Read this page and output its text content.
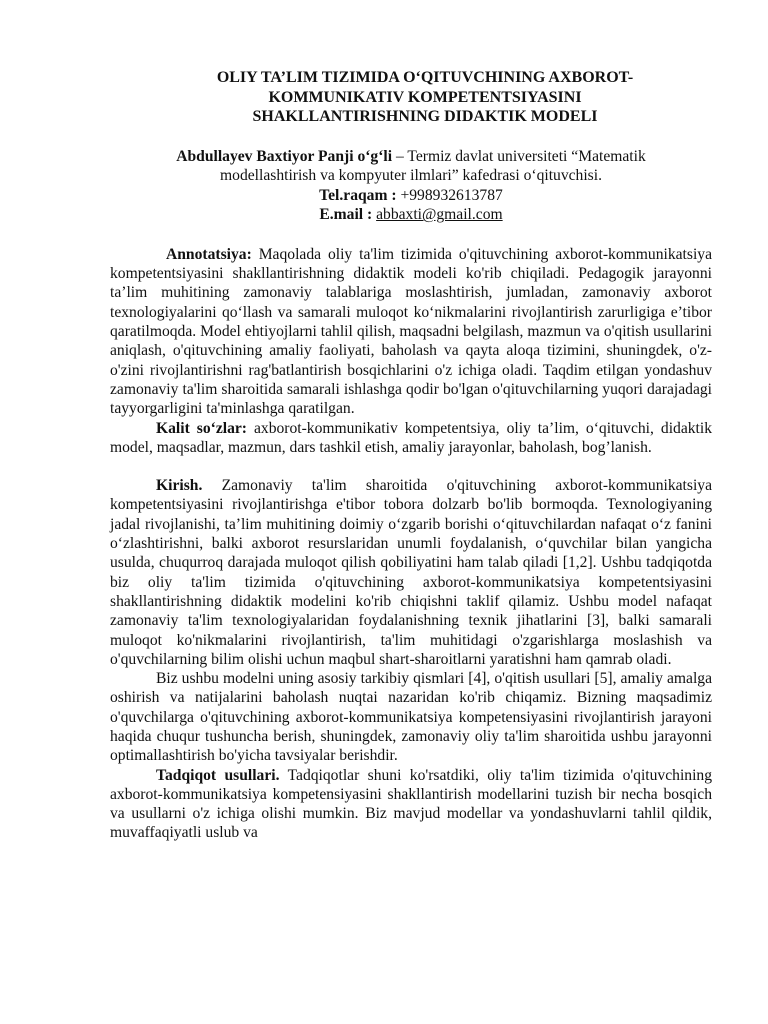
OLIY TA’LIM TIZIMIDA O‘QITUVCHINING AXBOROT-
KOMMUNIKATIV KOMPETENTSIYASINI
SHAKLLANTIRISHNING DIDAKTIK MODELI
Abdullayev Baxtiyor Panji o‘g‘li – Termiz davlat universiteti “Matematik
modellashtirish va kompyuter ilmlari” kafedrasi o‘qituvchisi.
Tel.raqam : +998932613787
E.mail : abbaxti@gmail.com

Annotatsiya: Maqolada oliy ta'lim tizimida o'qituvchining axborot-kommunikatsiya kompetentsiyasini shakllantirishning didaktik modeli ko'rib chiqiladi. Pedagogik jarayonni ta’lim muhitining zamonaviy talablariga moslashtirish, jumladan, zamonaviy axborot texnologiyalarini qo‘llash va samarali muloqot ko‘nikmalarini rivojlantirish zarurligiga e’tibor qaratilmoqda. Model ehtiyojlarni tahlil qilish, maqsadni belgilash, mazmun va o'qitish usullarini aniqlash, o'qituvchining amaliy faoliyati, baholash va qayta aloqa tizimini, shuningdek, o'z-o'zini rivojlantirishni rag'batlantirish bosqichlarini o'z ichiga oladi. Taqdim etilgan yondashuv zamonaviy ta'lim sharoitida samarali ishlashga qodir bo'lgan o'qituvchilarning yuqori darajadagi tayyorgarligini ta'minlashga qaratilgan.

Kalit so‘zlar: axborot-kommunikativ kompetentsiya, oliy ta’lim, o‘qituvchi, didaktik model, maqsadlar, mazmun, dars tashkil etish, amaliy jarayonlar, baholash, bog’lanish.

Kirish. Zamonaviy ta'lim sharoitida o'qituvchining axborot-kommunikatsiya kompetentsiyasini rivojlantirishga e'tibor tobora dolzarb bo'lib bormoqda. Texnologiyaning jadal rivojlanishi, ta’lim muhitining doimiy o‘zgarib borishi o‘qituvchilardan nafaqat o‘z fanini o‘zlashtirishni, balki axborot resurslaridan unumli foydalanish, o‘quvchilar bilan yangicha usulda, chuqurroq darajada muloqot qilish qobiliyatini ham talab qiladi [1,2]. Ushbu tadqiqotda biz oliy ta'lim tizimida o'qituvchining axborot-kommunikatsiya kompetentsiyasini shakllantirishning didaktik modelini ko'rib chiqishni taklif qilamiz. Ushbu model nafaqat zamonaviy ta'lim texnologiyalaridan foydalanishning texnik jihatlarini [3], balki samarali muloqot ko'nikmalarini rivojlantirish, ta'lim muhitidagi o'zgarishlarga moslashish va o'quvchilarning bilim olishi uchun maqbul shart-sharoitlarni yaratishni ham qamrab oladi.

Biz ushbu modelni uning asosiy tarkibiy qismlari [4], o'qitish usullari [5], amaliy amalga oshirish va natijalarini baholash nuqtai nazaridan ko'rib chiqamiz. Bizning maqsadimiz o'quvchilarga o'qituvchining axborot-kommunikatsiya kompetensiyasini rivojlantirish jarayoni haqida chuqur tushuncha berish, shuningdek, zamonaviy oliy ta'lim sharoitida ushbu jarayonni optimallashtirish bo'yicha tavsiyalar berishdir.

Tadqiqot usullari. Tadqiqotlar shuni ko'rsatdiki, oliy ta'lim tizimida o'qituvchining axborot-kommunikatsiya kompetensiyasini shakllantirish modellarini tuzish bir necha bosqich va usullarni o'z ichiga olishi mumkin. Biz mavjud modellar va yondashuvlarni tahlil qildik, muvaffaqiyatli uslub va
